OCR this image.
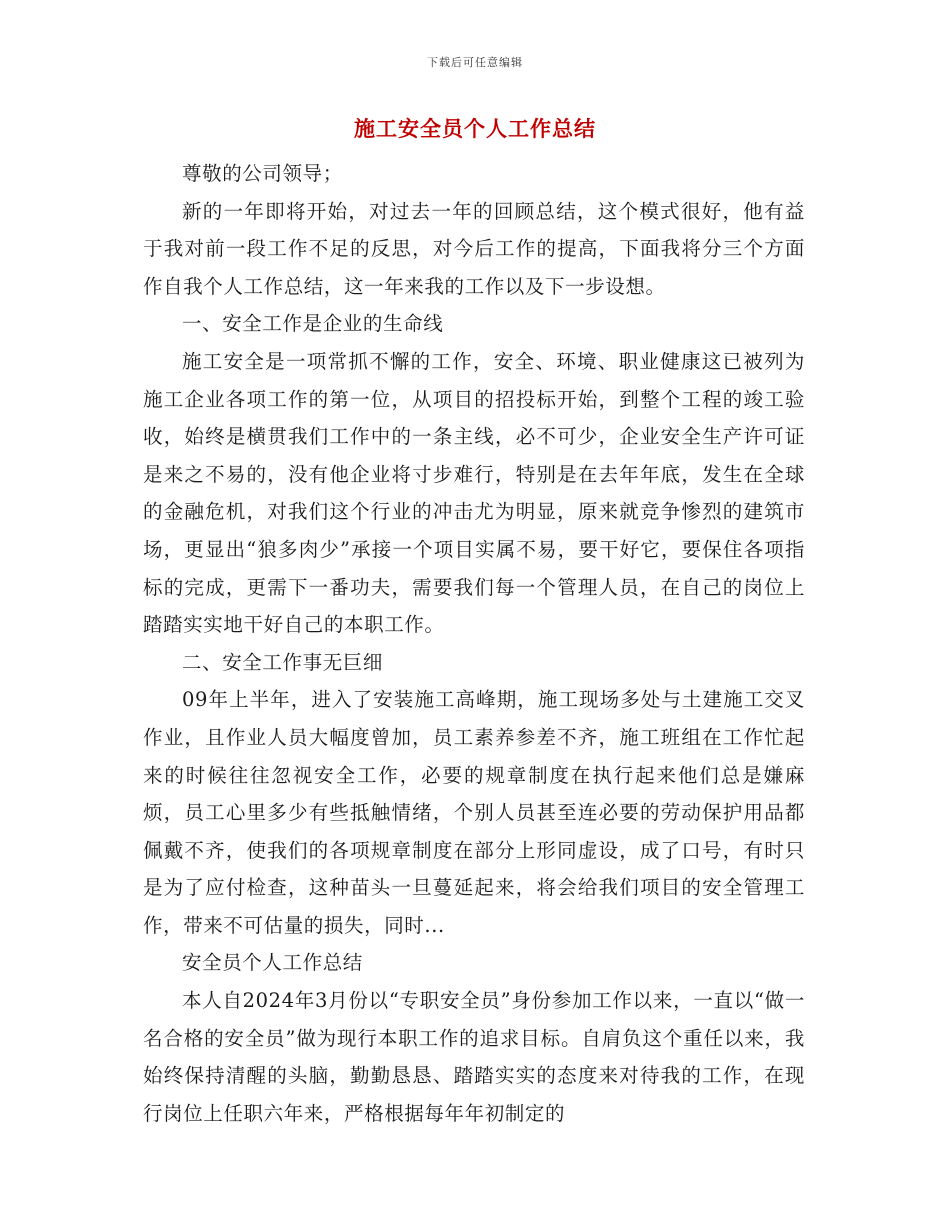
下载后可任意编辑
施工安全员个人工作总结

尊敬的公司领导；

新的一年即将开始，对过去一年的回顾总结，这个模式很好，他有益于我对前一段工作不足的反思，对今后工作的提高，下面我将分三个方面作自我个人工作总结，这一年来我的工作以及下一步设想。

一、安全工作是企业的生命线

施工安全是一项常抓不懈的工作，安全、环境、职业健康这已被列为施工企业各项工作的第一位，从项目的招投标开始，到整个工程的竣工验收，始终是横贯我们工作中的一条主线，必不可少，企业安全生产许可证是来之不易的，没有他企业将寸步难行，特别是在去年年底，发生在全球的金融危机，对我们这个行业的冲击尤为明显，原来就竞争惨烈的建筑市场，更显出“狼多肉少”承接一个项目实属不易，要干好它，要保住各项指标的完成，更需下一番功夫，需要我们每一个管理人员，在自己的岗位上踏踏实实地干好自己的本职工作。

二、安全工作事无巨细

09年上半年，进入了安装施工高峰期，施工现场多处与土建施工交叉作业，且作业人员大幅度曾加，员工素养参差不齐，施工班组在工作忙起来的时候往往忽视安全工作，必要的规章制度在执行起来他们总是嫌麻烦，员工心里多少有些抵触情绪，个别人员甚至连必要的劳动保护用品都佩戴不齐，使我们的各项规章制度在部分上形同虚设，成了口号，有时只是为了应付检查，这种苗头一旦蔓延起来，将会给我们项目的安全管理工作，带来不可估量的损失，同时...

安全员个人工作总结

本人自2024年3月份以“专职安全员”身份参加工作以来，一直以“做一名合格的安全员”做为现行本职工作的追求目标。自肩负这个重任以来，我始终保持清醒的头脑，勤勤恳恳、踏踏实实的态度来对待我的工作，在现行岗位上任职六年来，严格根据每年年初制定的
